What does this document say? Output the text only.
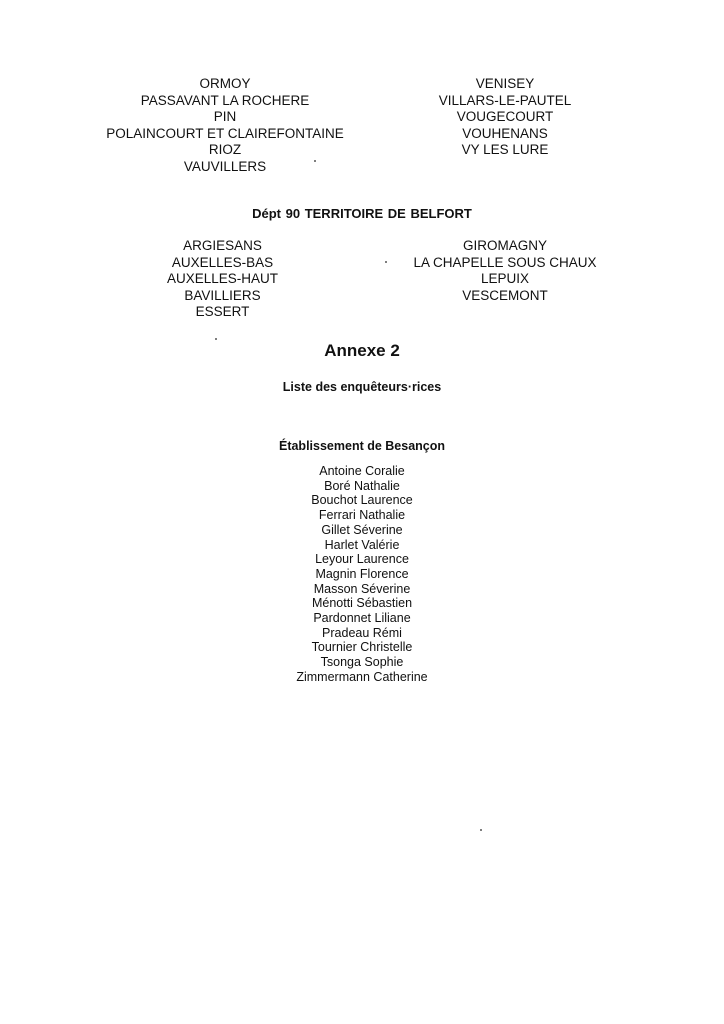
ORMOY
PASSAVANT LA ROCHERE
PIN
POLAINCOURT ET CLAIREFONTAINE
RIOZ
VAUVILLERS
VENISEY
VILLARS-LE-PAUTEL
VOUGECOURT
VOUHENANS
VY LES LURE
Dépt 90 TERRITOIRE DE BELFORT
ARGIESANS
AUXELLES-BAS
AUXELLES-HAUT
BAVILLIERS
ESSERT
GIROMAGNY
LA CHAPELLE SOUS CHAUX
LEPUIX
VESCEMONT
Annexe 2
Liste des enquêteurs·rices
Établissement de Besançon
Antoine Coralie
Boré Nathalie
Bouchot Laurence
Ferrari Nathalie
Gillet Séverine
Harlet Valérie
Leyour Laurence
Magnin Florence
Masson Séverine
Ménotti Sébastien
Pardonnet Liliane
Pradeau Rémi
Tournier Christelle
Tsonga Sophie
Zimmermann Catherine
